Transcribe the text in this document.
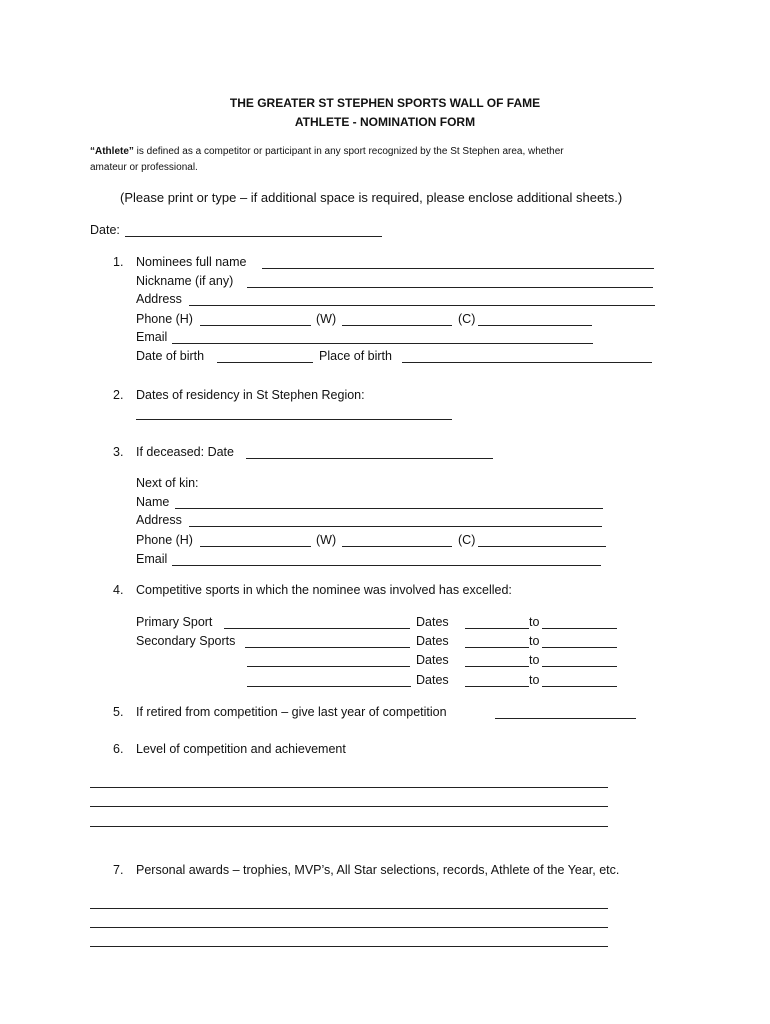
THE GREATER ST STEPHEN SPORTS WALL OF FAME
ATHLETE - NOMINATION FORM
“Athlete” is defined as a competitor or participant in any sport recognized by the St Stephen area, whether
amateur or professional.
(Please print or type – if additional space is required, please enclose additional sheets.)
Date:
1. Nominees full name
Nickname (if any)
Address
Phone (H)	(W)	(C)
Email
Date of birth	Place of birth
2. Dates of residency in St Stephen Region:
3. If deceased: Date
Next of kin:
Name
Address
Phone (H)	(W)	(C)
Email
4. Competitive sports in which the nominee was involved has excelled:
Primary Sport	Dates	to
Secondary Sports	Dates	to
Dates	to
Dates	to
5. If retired from competition – give last year of competition
6. Level of competition and achievement
7. Personal awards – trophies, MVP’s, All Star selections, records, Athlete of the Year, etc.
